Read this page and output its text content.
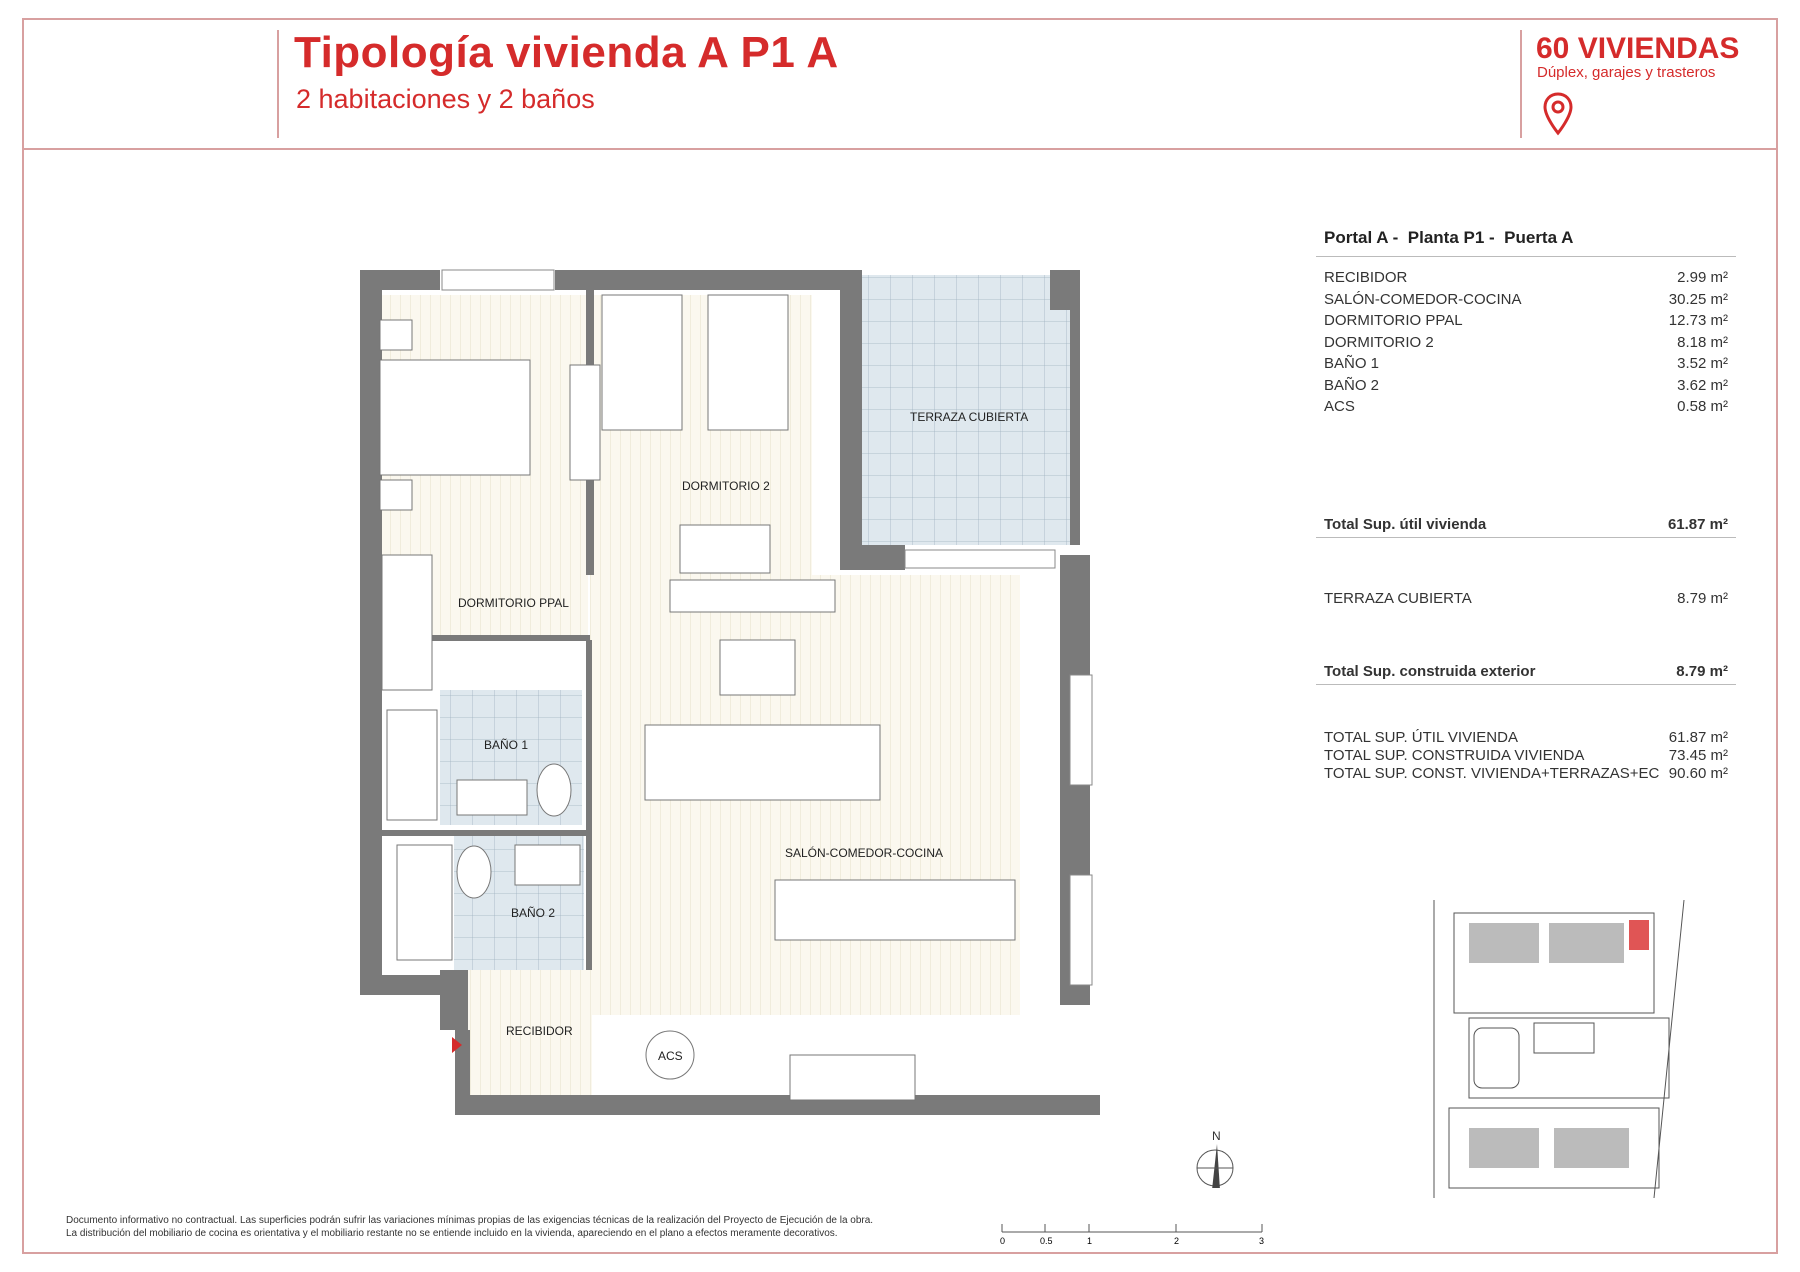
Tipología vivienda A P1 A
2 habitaciones y 2 baños
60 VIVIENDAS
Dúplex, garajes y trasteros
Portal A - Planta P1 - Puerta A
RECIBIDOR	2.99 m²
SALÓN-COMEDOR-COCINA	30.25 m²
DORMITORIO PPAL	12.73 m²
DORMITORIO 2	8.18 m²
BAÑO 1	3.52 m²
BAÑO 2	3.62 m²
ACS	0.58 m²
Total Sup. útil vivienda	61.87 m²
TERRAZA CUBIERTA	8.79 m²
Total Sup. construida exterior	8.79 m²
TOTAL SUP. ÚTIL VIVIENDA	61.87 m²
TOTAL SUP. CONSTRUIDA VIVIENDA	73.45 m²
TOTAL SUP. CONST. VIVIENDA+TERRAZAS+EC 90.60 m²
DORMITORIO PPAL
DORMITORIO 2
TERRAZA CUBIERTA
BAÑO 1
BAÑO 2
SALÓN-COMEDOR-COCINA
RECIBIDOR
ACS
N
0	0.5	1	2	3
Documento informativo no contractual. Las superficies podrán sufrir las variaciones mínimas propias de las exigencias técnicas de la realización del Proyecto de Ejecución de la obra.
La distribución del mobiliario de cocina es orientativa y el mobiliario restante no se entiende incluido en la vivienda, apareciendo en el plano a efectos meramente decorativos.
